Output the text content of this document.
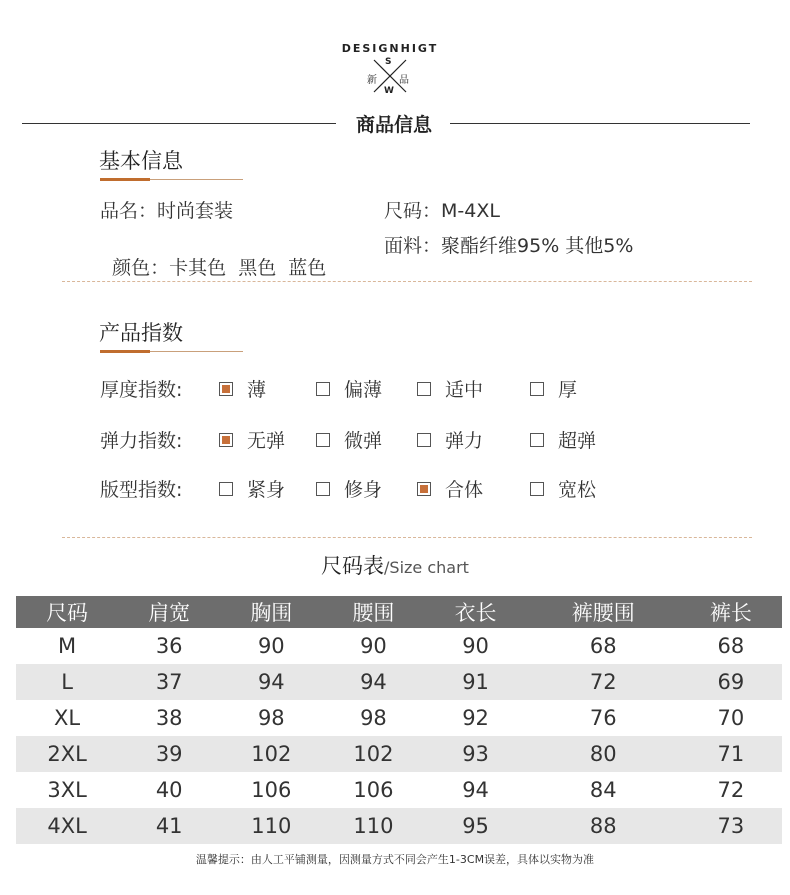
DESIGNHIGT
S
W
新 品
商品信息
基本信息
品名：时尚套装	尺码：M-4XL

颜色：卡其色  黑色  蓝色

面料：聚酯纤维95% 其他5%
产品指数
厚度指数:	薄	偏薄	适中	厚
弹力指数:	无弹	微弹	弹力	超弹
版型指数:	紧身	修身	合体	宽松
尺码表/Size chart
尺码	肩宽	胸围	腰围	衣长	裤腰围	裤长
M	36	90	90	90	68	68
L	37	94	94	91	72	69
XL	38	98	98	92	76	70
2XL	39	102	102	93	80	71
3XL	40	106	106	94	84	72
4XL	41	110	110	95	88	73
温馨提示：由人工平铺测量，因测量方式不同会产生1-3CM误差，具体以实物为准
